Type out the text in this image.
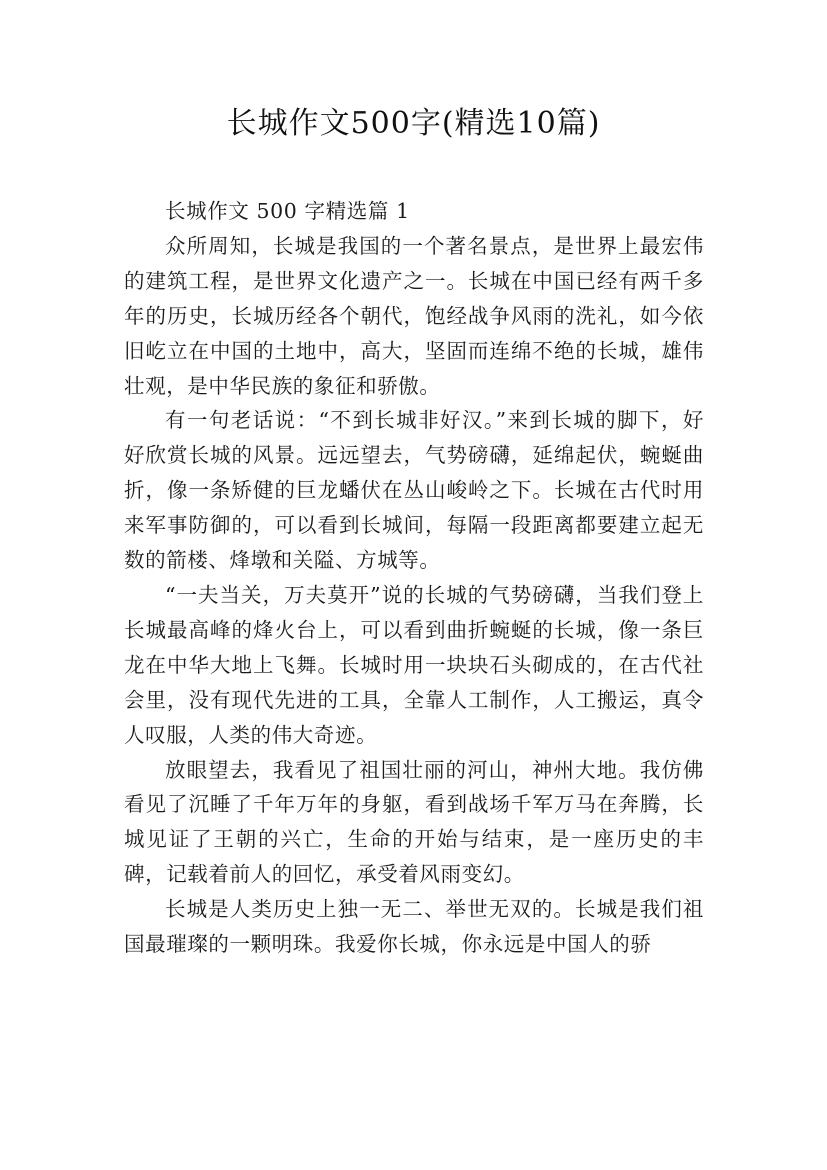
长城作文500字(精选10篇)

长城作文 500 字精选篇 1

众所周知，长城是我国的一个著名景点，是世界上最宏伟的建筑工程，是世界文化遗产之一。长城在中国已经有两千多年的历史，长城历经各个朝代，饱经战争风雨的洗礼，如今依旧屹立在中国的土地中，高大，坚固而连绵不绝的长城，雄伟壮观，是中华民族的象征和骄傲。

有一句老话说：“不到长城非好汉。”来到长城的脚下，好好欣赏长城的风景。远远望去，气势磅礴，延绵起伏，蜿蜒曲折，像一条矫健的巨龙蟠伏在丛山峻岭之下。长城在古代时用来军事防御的，可以看到长城间，每隔一段距离都要建立起无数的箭楼、烽墩和关隘、方城等。

“一夫当关，万夫莫开”说的长城的气势磅礴，当我们登上长城最高峰的烽火台上，可以看到曲折蜿蜒的长城，像一条巨龙在中华大地上飞舞。长城时用一块块石头砌成的，在古代社会里，没有现代先进的工具，全靠人工制作，人工搬运，真令人叹服，人类的伟大奇迹。

放眼望去，我看见了祖国壮丽的河山，神州大地。我仿佛看见了沉睡了千年万年的身躯，看到战场千军万马在奔腾，长城见证了王朝的兴亡，生命的开始与结束，是一座历史的丰碑，记载着前人的回忆，承受着风雨变幻。

长城是人类历史上独一无二、举世无双的。长城是我们祖国最璀璨的一颗明珠。我爱你长城，你永远是中国人的骄
